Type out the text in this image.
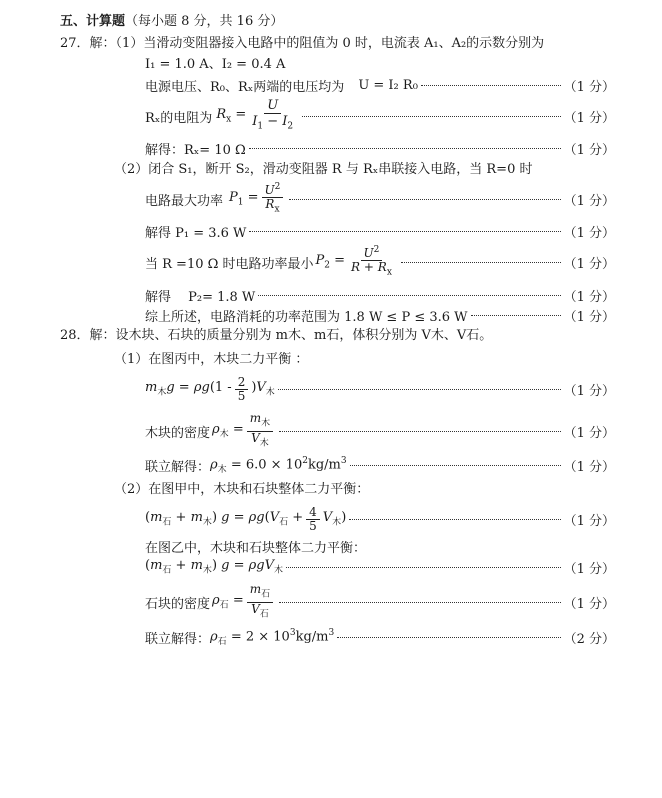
五、计算题（每小题 8 分，共 16 分）
27．解：（1）当滑动变阻器接入电路中的阻值为 0 时，电流表 A₁、A₂的示数分别为
I₁ = 1.0 A、I₂ = 0.4 A
电源电压、R₀、Rₓ两端的电压均为 U = I₂ R₀	（1 分）
Rₓ的电阻为 $R_x = \frac{U}{I_1 - I_2}$	（1 分）
解得：Rₓ= 10 Ω	（1 分）
（2）闭合 S₁，断开 S₂，滑动变阻器 R 与 Rₓ串联接入电路，当 R=0 时
电路最大功率 $P_1 = \frac{U^2}{R_x}$	（1 分）
解得 P₁ = 3.6 W	（1 分）
当 R =10 Ω 时电路功率最小 $P_2 = \frac{U^2}{R + R_x}$	（1 分）
解得　 P₂= 1.8 W	（1 分）
综上所述，电路消耗的功率范围为 1.8 W ≤ P ≤ 3.6 W	（1 分）
28．解：设木块、石块的质量分别为 m木、m石，体积分别为 V木、V石。
（1）在图丙中，木块二力平衡 ：
$m_木g = \rho g(1 - \frac{2}{5} )V_木$	（1 分）
木块的密度 $\rho_木 = \frac{m_木}{V_木}$	（1 分）
联立解得： $\rho_木 = 6.0 \times 10^2kg/m^3$	（1 分）
（2）在图甲中，木块和石块整体二力平衡：
$(m_石 + m_木) g = \rho g(V_石 + \frac{4}{5} V_木)$	（1 分）
在图乙中，木块和石块整体二力平衡：
$(m_石 + m_木) g = \rho gV_木$	（1 分）
石块的密度 $\rho_石 = \frac{m_石}{V_石}$	（1 分）
联立解得： $\rho_石 = 2 \times 10^3kg/m^3$	（2 分）
